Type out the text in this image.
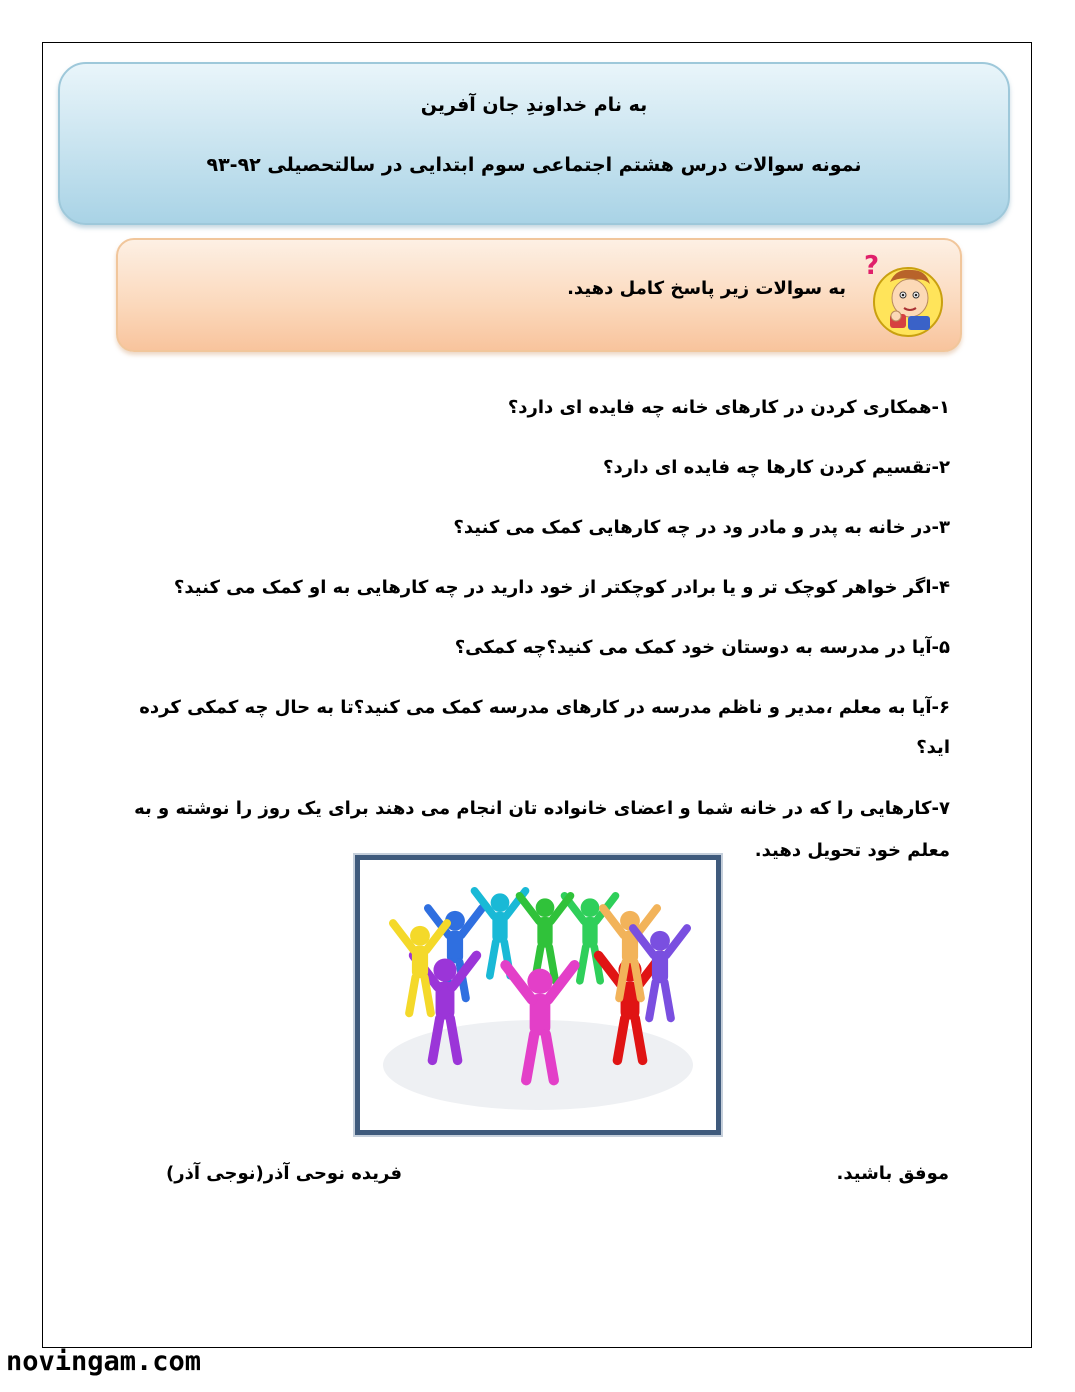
به نام خداوندِ جان آفرین
نمونه سوالات درس هشتم اجتماعی سوم ابتدایی در سالتحصیلی ۹۲-۹۳
?
به سوالات زیر پاسخ کامل دهید.
۱-همکاری کردن در کارهای خانه چه فایده ای دارد؟
۲-تقسیم کردن کارها چه فایده ای دارد؟
۳-در خانه به پدر و مادر ود در چه کارهایی کمک می کنید؟
۴-اگر خواهر کوچک تر و یا برادر کوچکتر از خود دارید در چه کارهایی به او کمک می کنید؟
۵-آیا در مدرسه به دوستان خود کمک می کنید؟چه کمکی؟
۶-آیا به معلم ،مدیر و ناظم مدرسه در کارهای مدرسه کمک می کنید؟تا به حال چه کمکی کرده اید؟
۷-کارهایی را که در خانه شما و اعضای خانواده تان انجام می دهند برای یک روز را نوشته و به معلم خود تحویل دهید.
موفق باشید.
فریده نوحی آذر(نوجی آذر)
novingam.com
